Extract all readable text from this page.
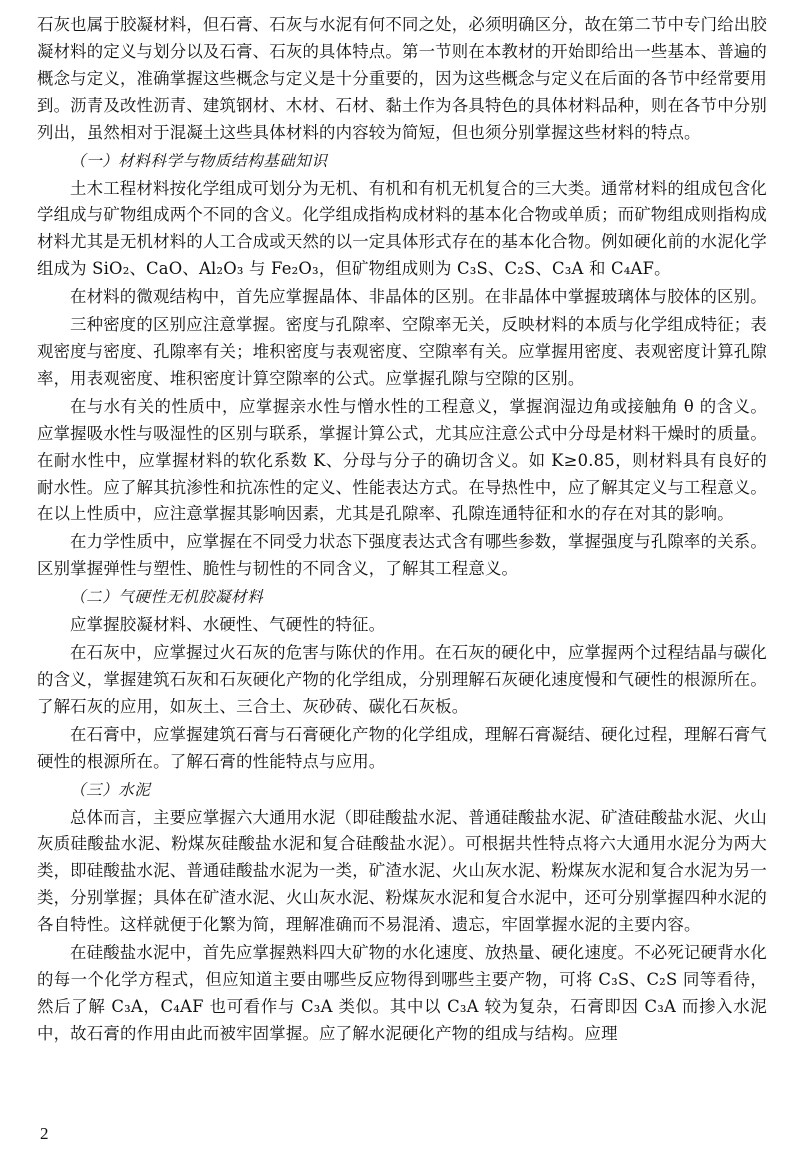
石灰也属于胶凝材料，但石膏、石灰与水泥有何不同之处，必须明确区分，故在第二节中专门给出胶凝材料的定义与划分以及石膏、石灰的具体特点。第一节则在本教材的开始即给出一些基本、普遍的概念与定义，准确掌握这些概念与定义是十分重要的，因为这些概念与定义在后面的各节中经常要用到。沥青及改性沥青、建筑钢材、木材、石材、黏土作为各具特色的具体材料品种，则在各节中分别列出，虽然相对于混凝土这些具体材料的内容较为简短，但也须分别掌握这些材料的特点。

（一）材料科学与物质结构基础知识

土木工程材料按化学组成可划分为无机、有机和有机无机复合的三大类。通常材料的组成包含化学组成与矿物组成两个不同的含义。化学组成指构成材料的基本化合物或单质；而矿物组成则指构成材料尤其是无机材料的人工合成或天然的以一定具体形式存在的基本化合物。例如硬化前的水泥化学组成为 SiO₂、CaO、Al₂O₃ 与 Fe₂O₃，但矿物组成则为 C₃S、C₂S、C₃A 和 C₄AF。

在材料的微观结构中，首先应掌握晶体、非晶体的区别。在非晶体中掌握玻璃体与胶体的区别。

三种密度的区别应注意掌握。密度与孔隙率、空隙率无关，反映材料的本质与化学组成特征；表观密度与密度、孔隙率有关；堆积密度与表观密度、空隙率有关。应掌握用密度、表观密度计算孔隙率，用表观密度、堆积密度计算空隙率的公式。应掌握孔隙与空隙的区别。

在与水有关的性质中，应掌握亲水性与憎水性的工程意义，掌握润湿边角或接触角 θ 的含义。应掌握吸水性与吸湿性的区别与联系，掌握计算公式，尤其应注意公式中分母是材料干燥时的质量。在耐水性中，应掌握材料的软化系数 K、分母与分子的确切含义。如 K≥0.85，则材料具有良好的耐水性。应了解其抗渗性和抗冻性的定义、性能表达方式。在导热性中，应了解其定义与工程意义。在以上性质中，应注意掌握其影响因素，尤其是孔隙率、孔隙连通特征和水的存在对其的影响。

在力学性质中，应掌握在不同受力状态下强度表达式含有哪些参数，掌握强度与孔隙率的关系。区别掌握弹性与塑性、脆性与韧性的不同含义，了解其工程意义。

（二）气硬性无机胶凝材料

应掌握胶凝材料、水硬性、气硬性的特征。

在石灰中，应掌握过火石灰的危害与陈伏的作用。在石灰的硬化中，应掌握两个过程结晶与碳化的含义，掌握建筑石灰和石灰硬化产物的化学组成，分别理解石灰硬化速度慢和气硬性的根源所在。了解石灰的应用，如灰土、三合土、灰砂砖、碳化石灰板。

在石膏中，应掌握建筑石膏与石膏硬化产物的化学组成，理解石膏凝结、硬化过程，理解石膏气硬性的根源所在。了解石膏的性能特点与应用。

（三）水泥

总体而言，主要应掌握六大通用水泥（即硅酸盐水泥、普通硅酸盐水泥、矿渣硅酸盐水泥、火山灰质硅酸盐水泥、粉煤灰硅酸盐水泥和复合硅酸盐水泥）。可根据共性特点将六大通用水泥分为两大类，即硅酸盐水泥、普通硅酸盐水泥为一类，矿渣水泥、火山灰水泥、粉煤灰水泥和复合水泥为另一类，分别掌握；具体在矿渣水泥、火山灰水泥、粉煤灰水泥和复合水泥中，还可分别掌握四种水泥的各自特性。这样就便于化繁为简，理解准确而不易混淆、遗忘，牢固掌握水泥的主要内容。

在硅酸盐水泥中，首先应掌握熟料四大矿物的水化速度、放热量、硬化速度。不必死记硬背水化的每一个化学方程式，但应知道主要由哪些反应物得到哪些主要产物，可将 C₃S、C₂S 同等看待，然后了解 C₃A，C₄AF 也可看作与 C₃A 类似。其中以 C₃A 较为复杂，石膏即因 C₃A 而掺入水泥中，故石膏的作用由此而被牢固掌握。应了解水泥硬化产物的组成与结构。应理

2
